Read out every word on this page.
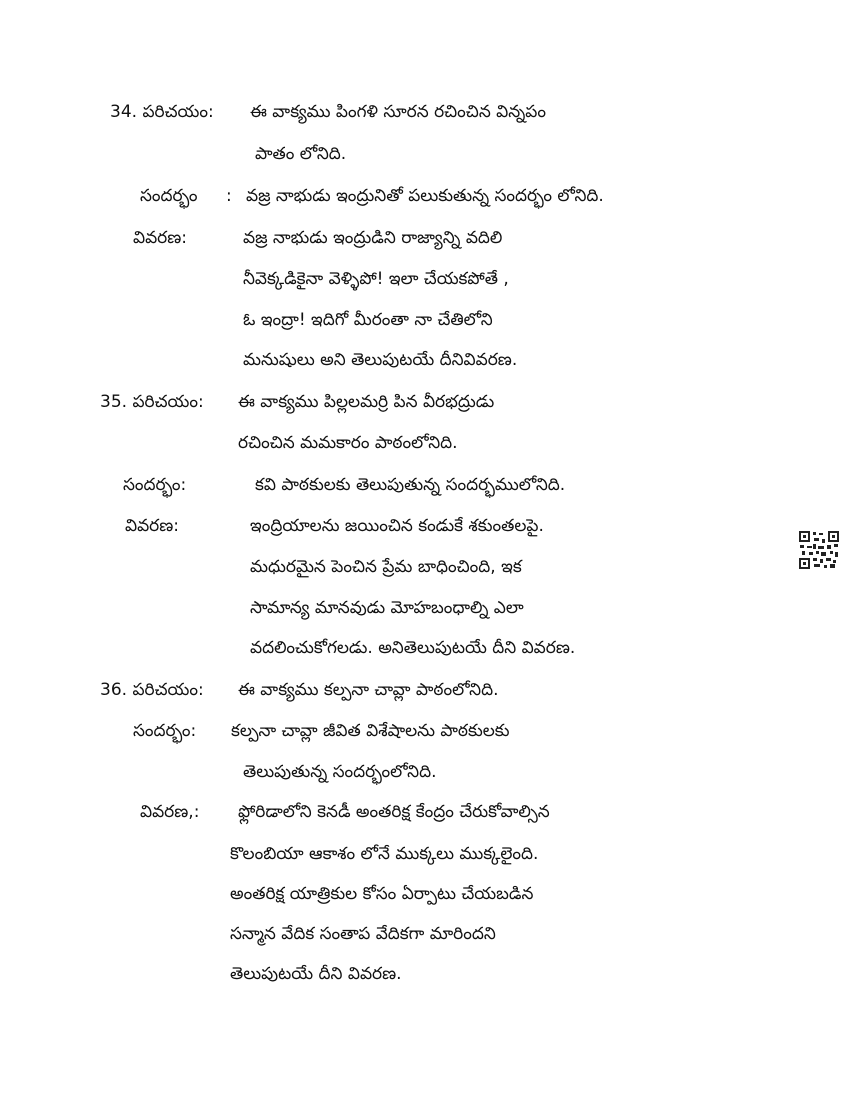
34. పరిచయం: ఈ వాక్యము పింగళి సూరన రచించిన విన్నపం
పాతం లోనిది.
సందర్భం : వజ్ర నాభుడు ఇంద్రునితో పలుకుతున్న సందర్భం లోనిది.
వివరణ:	వజ్ర నాభుడు ఇంద్రుడిని రాజ్యాన్ని వదిలి
నీవెక్కడికైనా వెళ్ళిపో! ఇలా చేయకపోతే ,
ఓ ఇంద్రా! ఇదిగో మీరంతా నా చేతిలోని
మనుషులు అని తెలుపుటయే దీనివివరణ.
35. పరిచయం: ఈ వాక్యము పిల్లలమర్రి పిన వీరభద్రుడు
రచించిన మమకారం పాఠంలోనిది.
సందర్భం:	కవి పాఠకులకు తెలుపుతున్న సందర్భములోనిది.
వివరణ:	ఇంద్రియాలను జయించిన కండుకే శకుంతలపై.
మధురమైన పెంచిన ప్రేమ బాధించింది, ఇక
సామాన్య మానవుడు మోహబంధాల్ని ఎలా
వదలించుకోగలడు. అనితెలుపుటయే దీని వివరణ.
36. పరిచయం: ఈ వాక్యము కల్పనా చావ్లా పాఠంలోనిది.
సందర్భం: కల్పనా చావ్లా జీవిత విశేషాలను పాఠకులకు
తెలుపుతున్న సందర్భంలోనిది.
వివరణ,: ఫ్లోరిడాలోని కెనడీ అంతరిక్ష కేంద్రం చేరుకోవాల్సిన
కొలంబియా ఆకాశం లోనే ముక్కలు ముక్కలైంది.
అంతరిక్ష యాత్రికుల కోసం ఏర్పాటు చేయబడిన
సన్మాన వేదిక సంతాప వేదికగా మారిందని
తెలుపుటయే దీని వివరణ.
